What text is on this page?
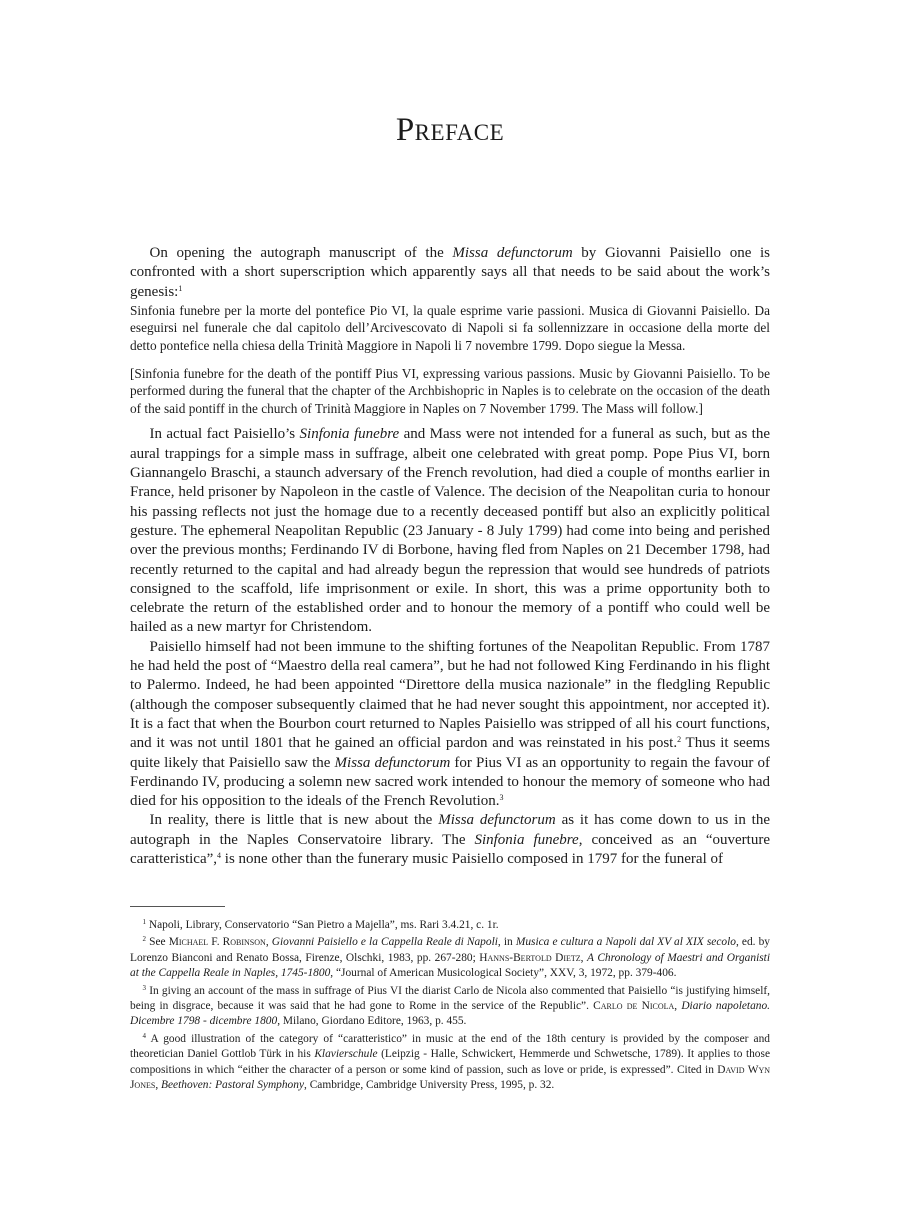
Preface

On opening the autograph manuscript of the Missa defunctorum by Giovanni Paisiello one is confronted with a short superscription which apparently says all that needs to be said about the work’s genesis:$^1$

Sinfonia funebre per la morte del pontefice Pio VI, la quale esprime varie passioni. Musica di Giovanni Paisiello. Da eseguirsi nel funerale che dal capitolo dell’Arcivescovato di Napoli si fa sollennizzare in occasione della morte del detto pontefice nella chiesa della Trinità Maggiore in Napoli li 7 novembre 1799. Dopo siegue la Messa.

[Sinfonia funebre for the death of the pontiff Pius VI, expressing various passions. Music by Giovanni Paisiello. To be performed during the funeral that the chapter of the Archbishopric in Naples is to celebrate on the occasion of the death of the said pontiff in the church of Trinità Maggiore in Naples on 7 November 1799. The Mass will follow.]

In actual fact Paisiello’s Sinfonia funebre and Mass were not intended for a funeral as such, but as the aural trappings for a simple mass in suffrage, albeit one celebrated with great pomp. Pope Pius VI, born Giannangelo Braschi, a staunch adversary of the French revolution, had died a couple of months earlier in France, held prisoner by Napoleon in the castle of Valence. The decision of the Neapolitan curia to honour his passing reflects not just the homage due to a recently deceased pontiff but also an explicitly political gesture. The ephemeral Neapolitan Republic (23 January - 8 July 1799) had come into being and perished over the previous months; Ferdinando IV di Borbone, having fled from Naples on 21 December 1798, had recently returned to the capital and had already begun the repression that would see hundreds of patriots consigned to the scaffold, life imprisonment or exile. In short, this was a prime opportunity both to celebrate the return of the established order and to honour the memory of a pontiff who could well be hailed as a new martyr for Christendom.

Paisiello himself had not been immune to the shifting fortunes of the Neapolitan Republic. From 1787 he had held the post of “Maestro della real camera”, but he had not followed King Ferdinando in his flight to Palermo. Indeed, he had been appointed “Direttore della musica nazionale” in the fledgling Republic (although the composer subsequently claimed that he had never sought this appointment, nor accepted it). It is a fact that when the Bourbon court returned to Naples Paisiello was stripped of all his court functions, and it was not until 1801 that he gained an official pardon and was reinstated in his post.$^2$ Thus it seems quite likely that Paisiello saw the Missa defunctorum for Pius VI as an opportunity to regain the favour of Ferdinando IV, producing a solemn new sacred work intended to honour the memory of someone who had died for his opposition to the ideals of the French Revolution.$^3$

In reality, there is little that is new about the Missa defunctorum as it has come down to us in the autograph in the Naples Conservatoire library. The Sinfonia funebre, conceived as an “ouverture caratteristica”,$^4$ is none other than the funerary music Paisiello composed in 1797 for the funeral of

$^1$ Napoli, Library, Conservatorio “San Pietro a Majella”, ms. Rari 3.4.21, c. 1r.

$^2$ See Michael F. Robinson, Giovanni Paisiello e la Cappella Reale di Napoli, in Musica e cultura a Napoli dal XV al XIX secolo, ed. by Lorenzo Bianconi and Renato Bossa, Firenze, Olschki, 1983, pp. 267-280; Hanns-Bertold Dietz, A Chronology of Maestri and Organisti at the Cappella Reale in Naples, 1745-1800, “Journal of American Musicological Society”, XXV, 3, 1972, pp. 379-406.

$^3$ In giving an account of the mass in suffrage of Pius VI the diarist Carlo de Nicola also commented that Paisiello “is justifying himself, being in disgrace, because it was said that he had gone to Rome in the service of the Republic”. Carlo de Nicola, Diario napoletano. Dicembre 1798 - dicembre 1800, Milano, Giordano Editore, 1963, p. 455.

$^4$ A good illustration of the category of “caratteristico” in music at the end of the 18th century is provided by the composer and theoretician Daniel Gottlob Türk in his Klavierschule (Leipzig - Halle, Schwickert, Hemmerde und Schwetsche, 1789). It applies to those compositions in which “either the character of a person or some kind of passion, such as love or pride, is expressed”. Cited in David Wyn Jones, Beethoven: Pastoral Symphony, Cambridge, Cambridge University Press, 1995, p. 32.
